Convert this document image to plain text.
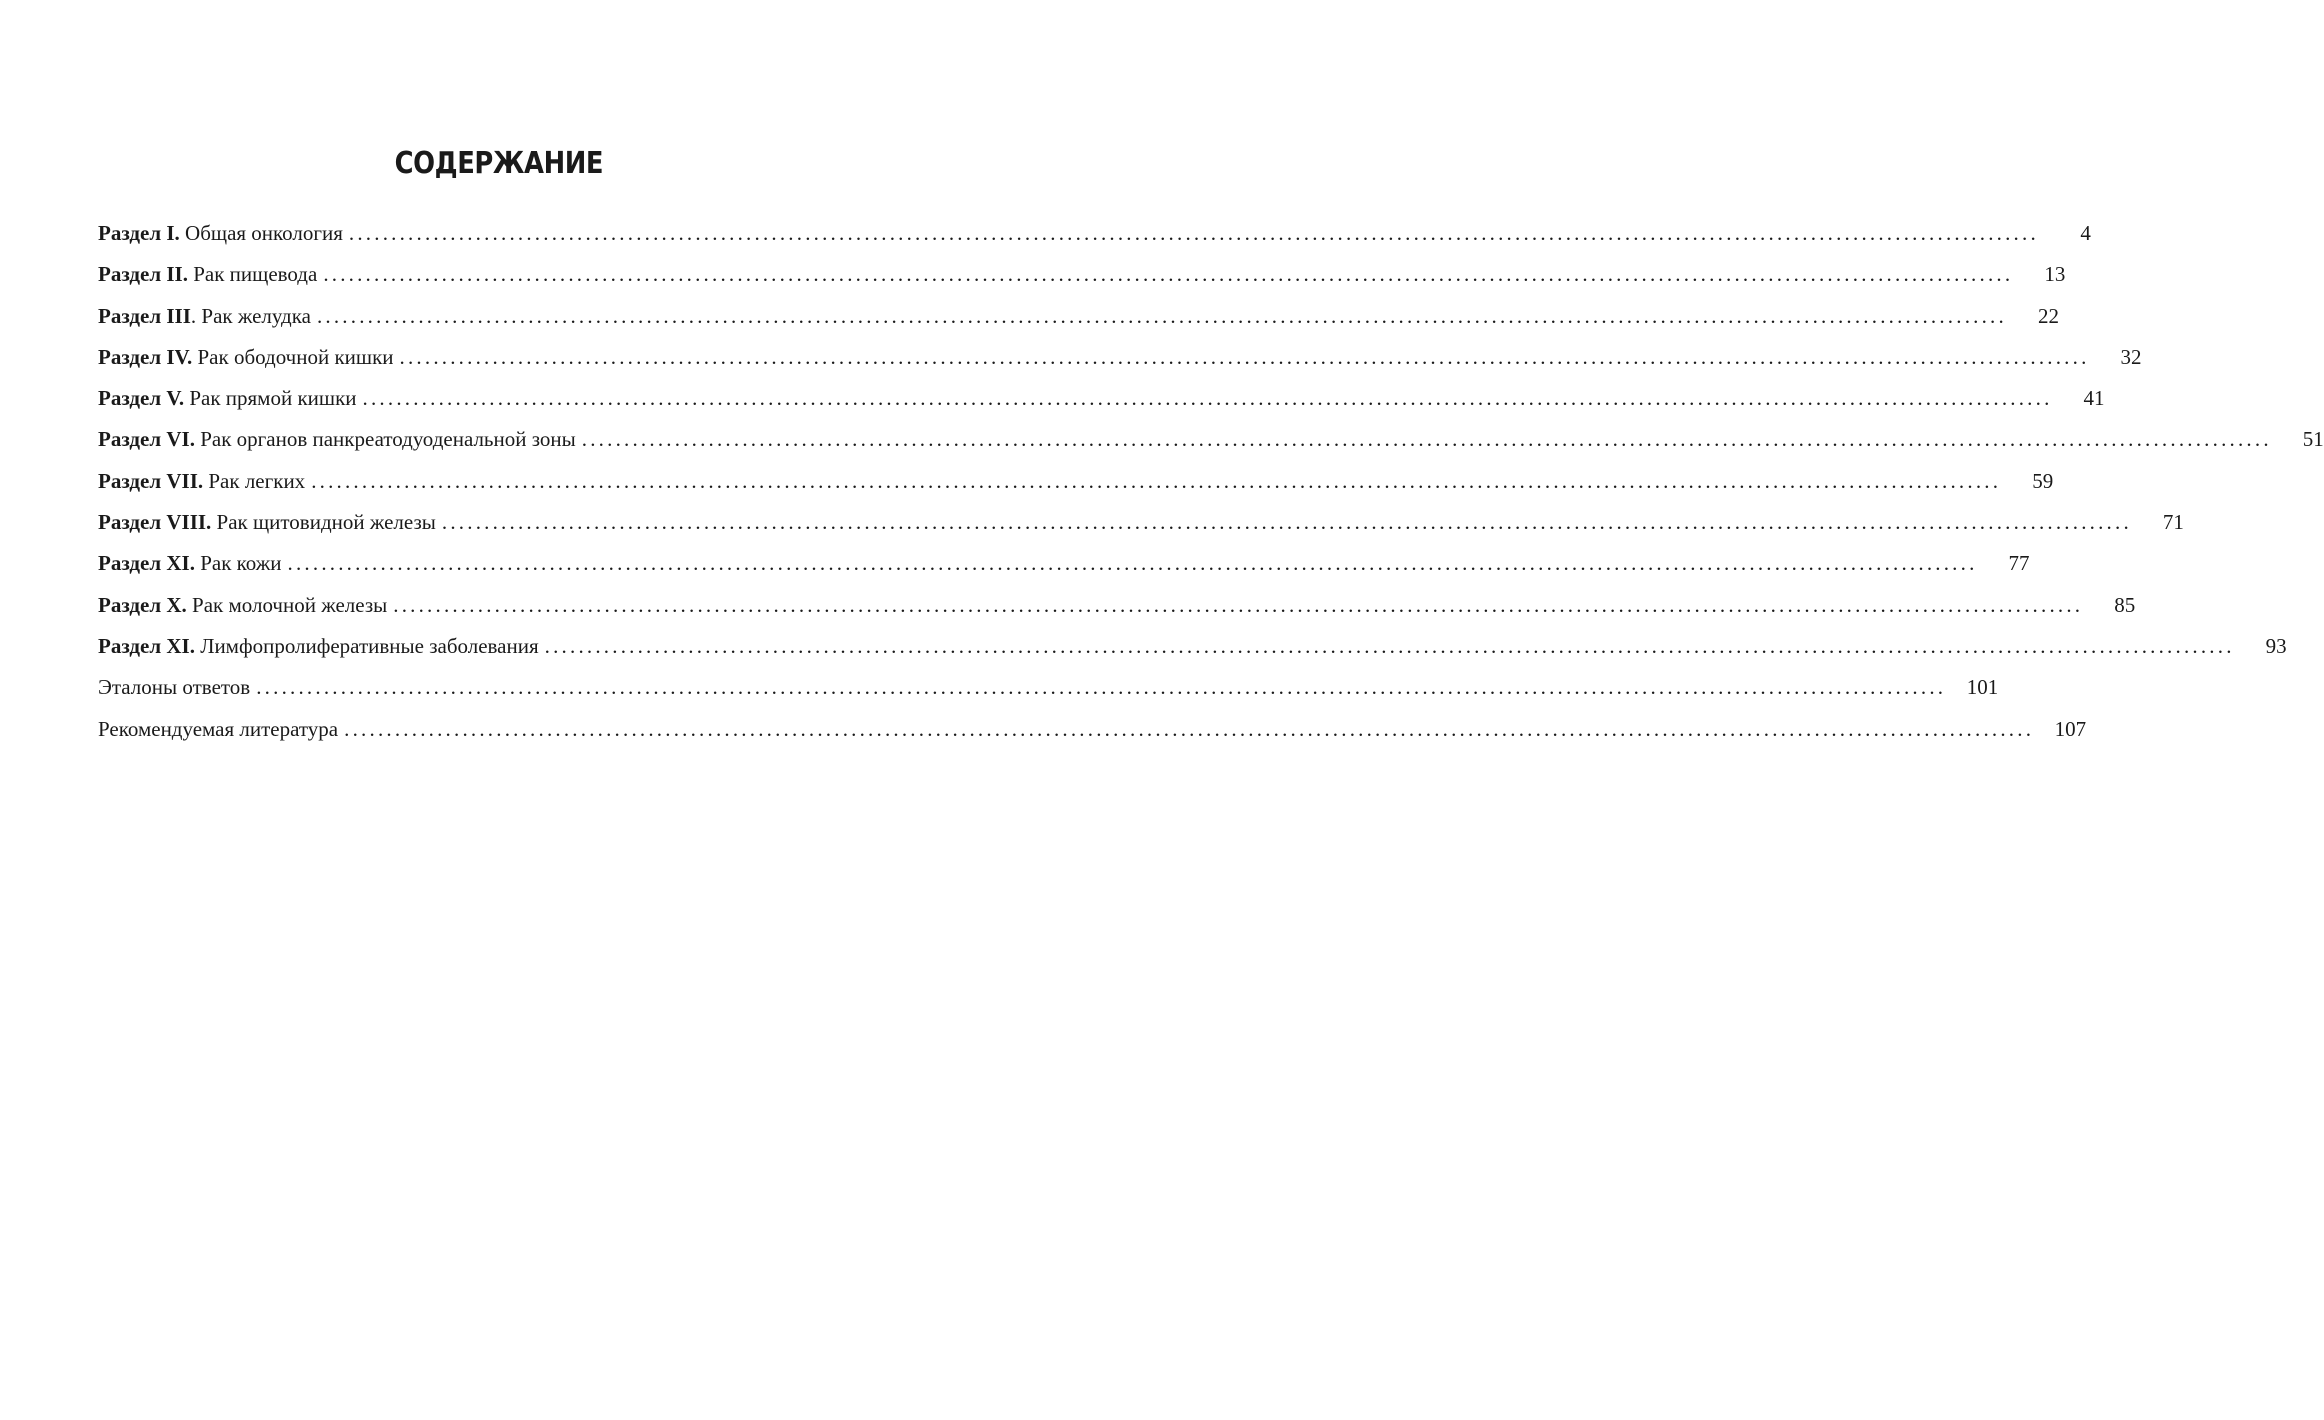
СОДЕРЖАНИЕ
Раздел I. Общая онкология ........................................................................................................................................................................................................	4
Раздел II. Рак пищевода ........................................................................................................................................................................................................	13
Раздел III. Рак желудка ........................................................................................................................................................................................................	22
Раздел IV. Рак ободочной кишки ........................................................................................................................................................................................................	32
Раздел V. Рак прямой кишки ........................................................................................................................................................................................................	41
Раздел VI. Рак органов панкреатодуоденальной зоны ........................................................................................................................................................................................................	51
Раздел VII. Рак легких ........................................................................................................................................................................................................	59
Раздел VIII. Рак щитовидной железы ........................................................................................................................................................................................................	71
Раздел XI. Рак кожи ........................................................................................................................................................................................................	77
Раздел X. Рак молочной железы ........................................................................................................................................................................................................	85
Раздел XI. Лимфопролиферативные заболевания ........................................................................................................................................................................................................	93
Эталоны ответов ........................................................................................................................................................................................................ 101
Рекомендуемая литература ........................................................................................................................................................................................................ 107
